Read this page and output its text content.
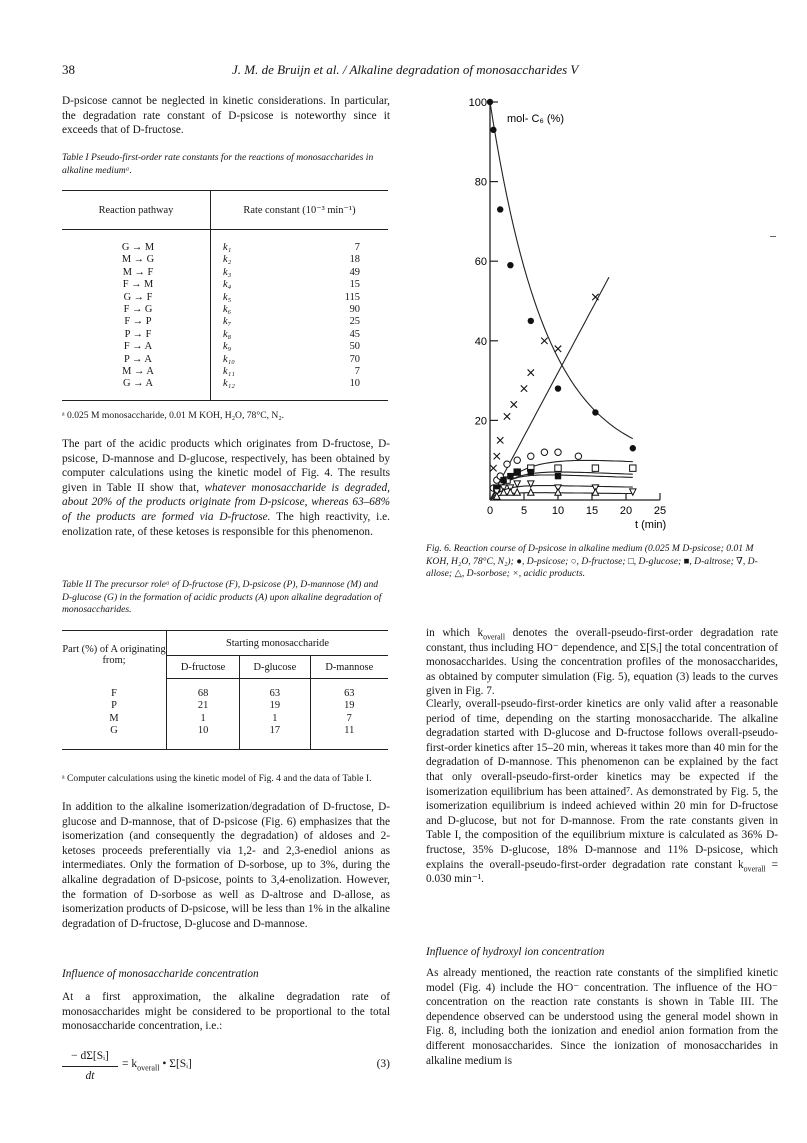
38	J. M. de Bruijn et al. / Alkaline degradation of monosaccharides V

D-psicose cannot be neglected in kinetic considerations. In particular, the degradation rate constant of D-psicose is noteworthy since it exceeds that of D-fructose.

Table I Pseudo-first-order rate constants for the reactions of monosaccharides in alkaline mediumᵃ.

Reaction pathway	Rate constant (10⁻³ min⁻¹)	
G → M	k₁	7
M → G	k₂	18
M → F	k₃	49
F → M	k₄	15
G → F	k₅	115
F → G	k₆	90
F → P	k₇	25
P → F	k₈	45
F → A	k₉	50
P → A	k₁₀	70
M → A	k₁₁	7
G → A	k₁₂	10

ᵃ 0.025 M monosaccharide, 0.01 M KOH, H₂O, 78°C, N₂.

The part of the acidic products which originates from D-fructose, D-psicose, D-mannose and D-glucose, respectively, has been obtained by computer calculations using the kinetic model of Fig. 4. The results given in Table II show that, whatever monosaccharide is degraded, about 20% of the products originate from D-psicose, whereas 63–68% of the products are formed via D-fructose. The high reactivity, i.e. enolization rate, of these ketoses is responsible for this phenomenon.

Table II The precursor roleᵃ of D-fructose (F), D-psicose (P), D-mannose (M) and D-glucose (G) in the formation of acidic products (A) upon alkaline degradation of monosaccharides.

Part (%) of A originating from;	Starting monosaccharide		
	D-fructose	D-glucose	D-mannose
F	68	63	63
P	21	19	19
M	1	1	7
G	10	17	11

ᵃ Computer calculations using the kinetic model of Fig. 4 and the data of Table I.

In addition to the alkaline isomerization/degradation of D-fructose, D-glucose and D-mannose, that of D-psicose (Fig. 6) emphasizes that the isomerization (and consequently the degradation) of aldoses and 2-ketoses proceeds preferentially via 1,2- and 2,3-enediol anions as intermediates. Only the formation of D-sorbose, up to 3%, during the alkaline degradation of D-psicose, points to 3,4-enolization. However, the formation of D-sorbose as well as D-altrose and D-allose, as isomerization products of D-psicose, will be less than 1% in the alkaline degradation of D-fructose, D-glucose and D-mannose.

Influence of monosaccharide concentration

At a first approximation, the alkaline degradation rate of monosaccharides might be considered to be proportional to the total monosaccharide concentration, i.e.:

− dΣ[Sᵢ]
dt
= $k_{overall}$ • Σ[Sᵢ]	(3)
20
40
60
80
100
0	5 10 15 20 25
mol- C₆ (%)
t (min)

Fig. 6. Reaction course of D-psicose in alkaline medium (0.025 M D-psicose; 0.01 M KOH, H₂O, 78°C, N₂); ●, D-psicose; ○, D-fructose; □, D-glucose; ■, D-altrose; ∇, D-allose; △, D-sorbose; ×, acidic products.

in which $k_{overall}$ denotes the overall-pseudo-first-order degradation rate constant, thus including HO⁻ dependence, and Σ[Sᵢ] the total concentration of monosaccharides. Using the concentration profiles of the monosaccharides, as obtained by computer simulation (Fig. 5), equation (3) leads to the curves given in Fig. 7.

Clearly, overall-pseudo-first-order kinetics are only valid after a reasonable period of time, depending on the starting monosaccharide. The alkaline degradation started with D-glucose and D-fructose follows overall-pseudo-first-order kinetics after 15–20 min, whereas it takes more than 40 min for the degradation of D-mannose. This phenomenon can be explained by the fact that only overall-pseudo-first-order kinetics may be expected if the isomerization equilibrium has been attained⁷. As demonstrated by Fig. 5, the isomerization equilibrium is indeed achieved within 20 min for D-fructose and D-glucose, but not for D-mannose. From the rate constants given in Table I, the composition of the equilibrium mixture is calculated as 36% D-fructose, 35% D-glucose, 18% D-mannose and 11% D-psicose, which explains the overall-pseudo-first-order degradation rate constant $k_{overall} = 0.030$ min⁻¹.

Influence of hydroxyl ion concentration

As already mentioned, the reaction rate constants of the simplified kinetic model (Fig. 4) include the HO⁻ concentration. The influence of the HO⁻ concentration on the reaction rate constants is shown in Table III. The dependence observed can be understood using the general model shown in Fig. 8, including both the ionization and enediol anion formation from the different monosaccharides. Since the ionization of monosaccharides in alkaline medium is
